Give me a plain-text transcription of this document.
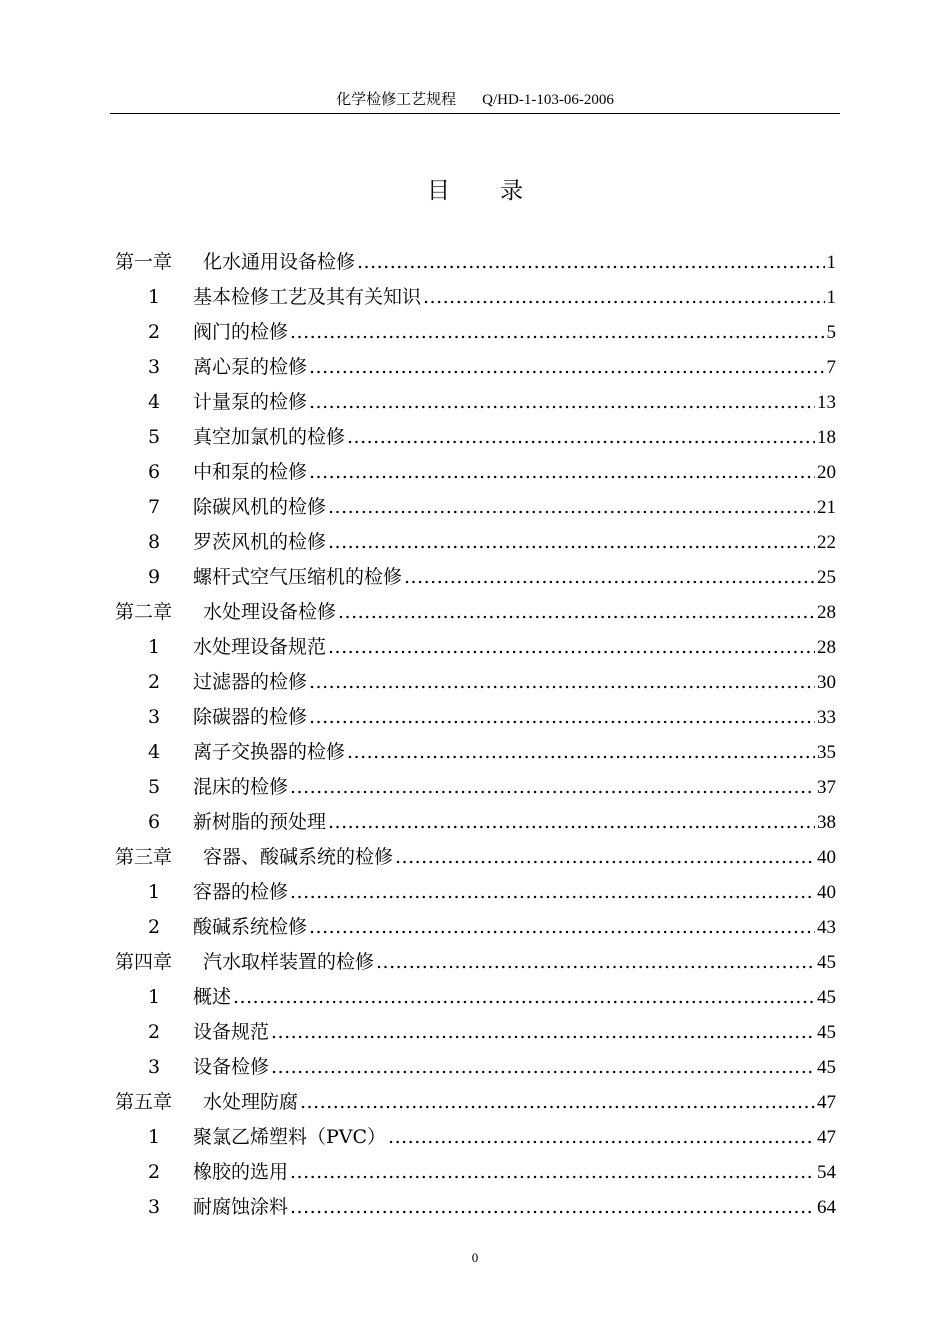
化学检修工艺规程 Q/HD-1-103-06-2006
目 录
第一章	化水通用设备检修 .....	1
1	基本检修工艺及其有关知识 .....	1
2	阀门的检修 .....	5
3	离心泵的检修 .....	7
4	计量泵的检修 .....	13
5	真空加氯机的检修 .....	18
6	中和泵的检修 .....	20
7	除碳风机的检修 .....	21
8	罗茨风机的检修 .....	22
9	螺杆式空气压缩机的检修 .....	25
第二章	水处理设备检修 .....	28
1	水处理设备规范 .....	28
2	过滤器的检修 .....	30
3	除碳器的检修 .....	33
4	离子交换器的检修 .....	35
5	混床的检修 .....	37
6	新树脂的预处理 .....	38
第三章	容器、酸碱系统的检修 .....	40
1	容器的检修 .....	40
2	酸碱系统检修 .....	43
第四章	汽水取样装置的检修 .....	45
1	概述 .....	45
2	设备规范 .....	45
3	设备检修 .....	45
第五章	水处理防腐 .....	47
1	聚氯乙烯塑料（PVC） .....	47
2	橡胶的选用 .....	54
3	耐腐蚀涂料 .....	64
0
